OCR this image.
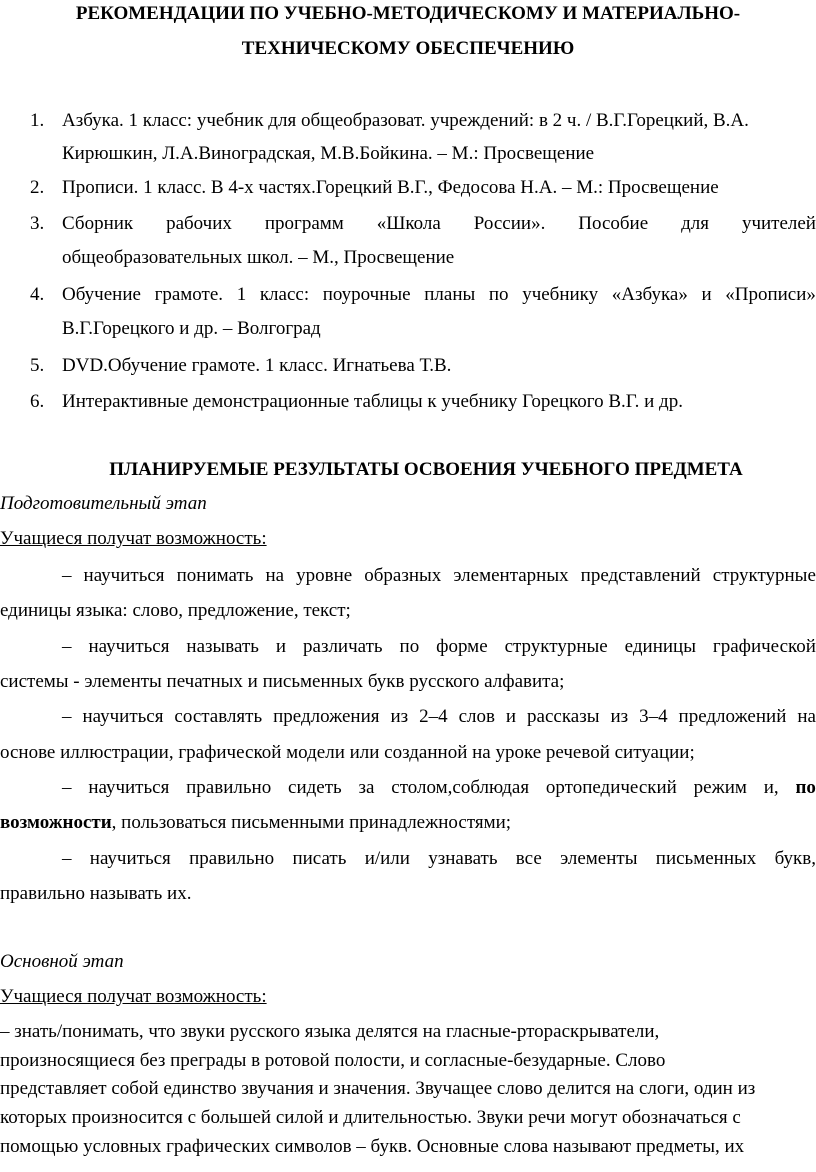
РЕКОМЕНДАЦИИ ПО УЧЕБНО-МЕТОДИЧЕСКОМУ И МАТЕРИАЛЬНО-
ТЕХНИЧЕСКОМУ ОБЕСПЕЧЕНИЮ
1. Азбука. 1 класс: учебник для общеобразоват. учреждений: в 2 ч. / В.Г.Горецкий, В.А.
Кирюшкин, Л.А.Виноградская, М.В.Бойкина. – М.: Просвещение
2. Прописи. 1 класс. В 4-х частях.Горецкий В.Г., Федосова Н.А. – М.: Просвещение
3. Сборник рабочих программ «Школа России». Пособие для учителей
общеобразовательных школ. – М., Просвещение
4. Обучение грамоте. 1 класс: поурочные планы по учебнику «Азбука» и «Прописи»
В.Г.Горецкого и др. – Волгоград
5. DVD.Обучение грамоте. 1 класс. Игнатьева Т.В.
6. Интерактивные демонстрационные таблицы к учебнику Горецкого В.Г. и др.
ПЛАНИРУЕМЫЕ РЕЗУЛЬТАТЫ ОСВОЕНИЯ УЧЕБНОГО ПРЕДМЕТА
Подготовительный этап
Учащиеся получат возможность:
– научиться понимать на уровне образных элементарных представлений структурные
единицы языка: слово, предложение, текст;
– научиться называть и различать по форме структурные единицы графической
системы - элементы печатных и письменных букв русского алфавита;
– научиться составлять предложения из 2–4 слов и рассказы из 3–4 предложений на
основе иллюстрации, графической модели или созданной на уроке речевой ситуации;
– научиться правильно сидеть за столом,соблюдая ортопедический режим и, по
возможности, пользоваться письменными принадлежностями;
– научиться правильно писать и/или узнавать все элементы письменных букв,
правильно называть их.
Основной этап
Учащиеся получат возможность:
– знать/понимать, что звуки русского языка делятся на гласные-рторaскрыватели,
произносящиеся без преграды в ротовой полости, и согласные-безударные. Слово
представляет собой единство звучания и значения. Звучащее слово делится на слоги, один из
которых произносится с большей силой и длительностью. Звуки речи могут обозначаться с
помощью условных графических символов – букв. Основные слова называют предметы, их
